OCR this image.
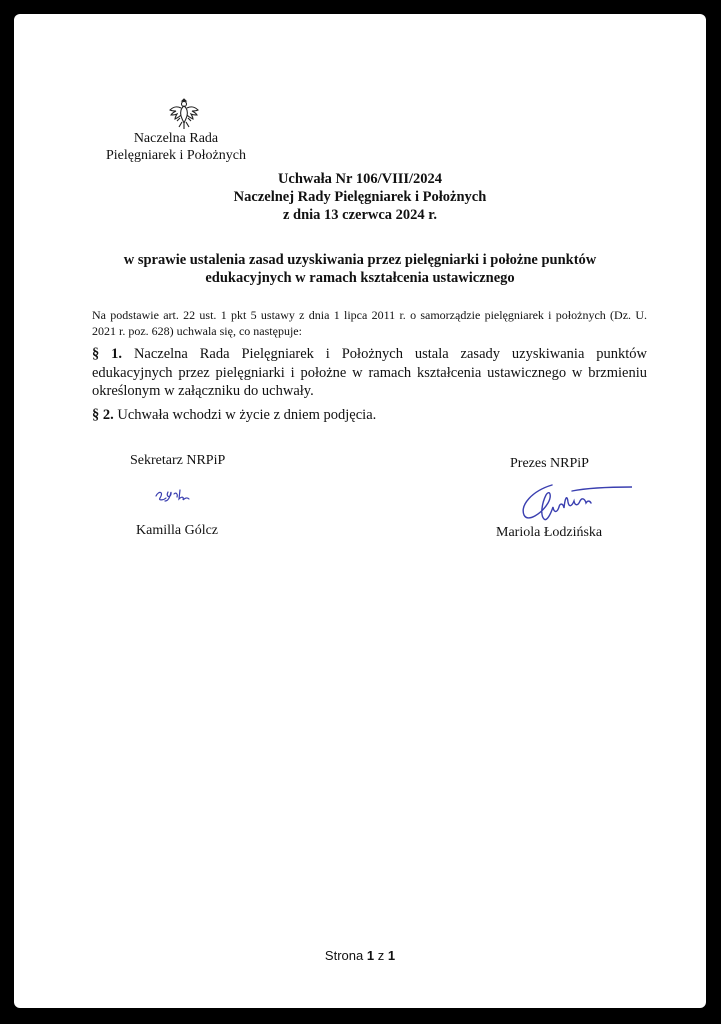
Naczelna Rada
Pielęgniarek i Położnych
Uchwała Nr 106/VIII/2024
Naczelnej Rady Pielęgniarek i Położnych
z dnia 13 czerwca 2024 r.
w sprawie ustalenia zasad uzyskiwania przez pielęgniarki i położne punktów
edukacyjnych w ramach kształcenia ustawicznego
Na podstawie art. 22 ust. 1 pkt 5 ustawy z dnia 1 lipca 2011 r. o samorządzie pielęgniarek i położnych (Dz. U. 2021 r. poz. 628) uchwala się, co następuje:
§ 1. Naczelna Rada Pielęgniarek i Położnych ustala zasady uzyskiwania punktów edukacyjnych przez pielęgniarki i położne w ramach kształcenia ustawicznego w brzmieniu określonym w załączniku do uchwały.
§ 2. Uchwała wchodzi w życie z dniem podjęcia.
Sekretarz NRPiP
Kamilla Gólcz
Prezes NRPiP
Mariola Łodzińska
Strona 1 z 1
